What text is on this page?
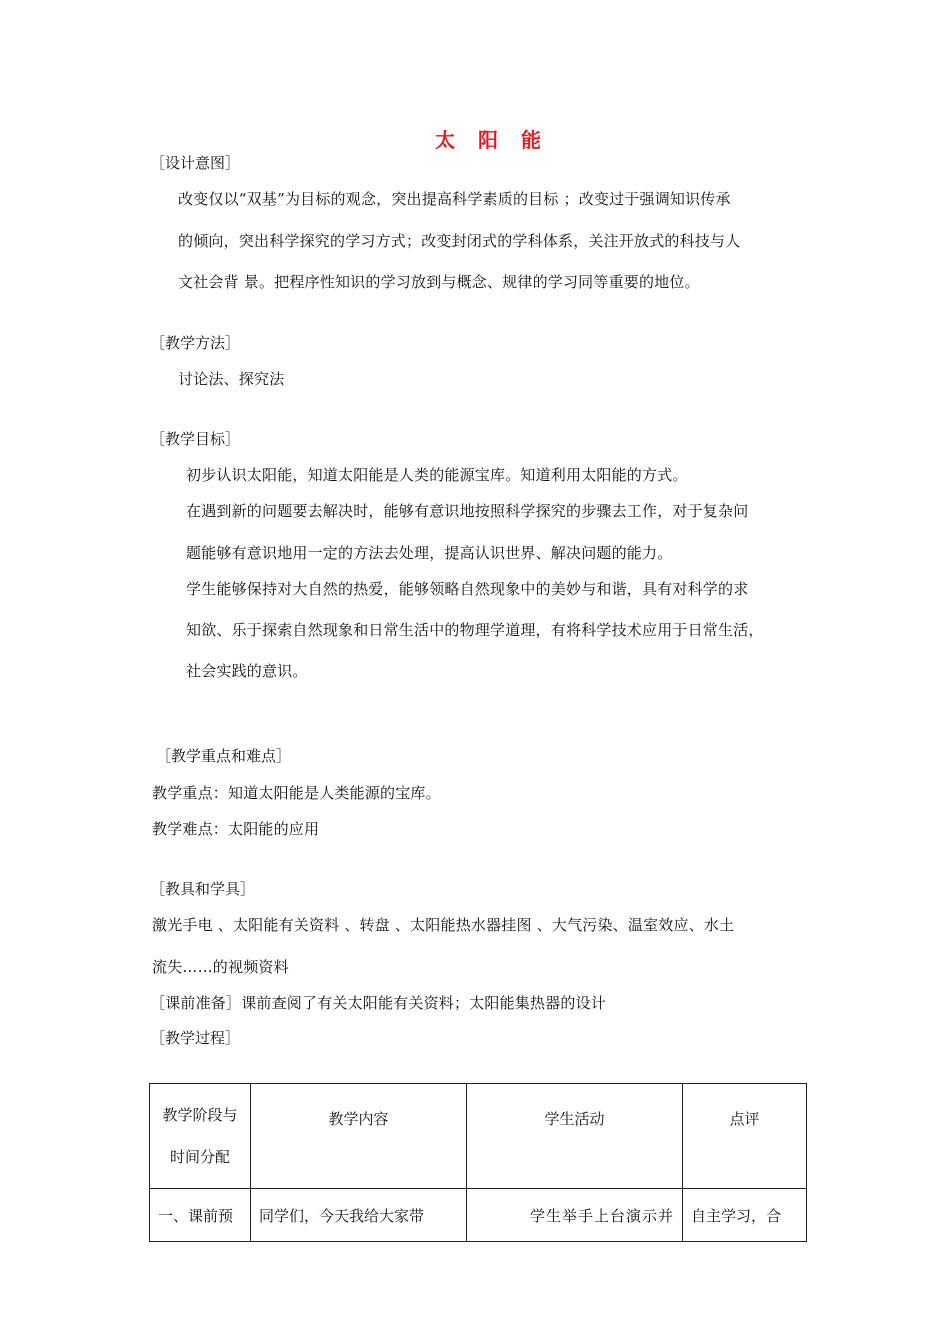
太 阳 能
［设计意图］
改变仅以“双基”为目标的观念，突出提高科学素质的目标 ；改变过于强调知识传承
的倾向，突出科学探究的学习方式；改变封闭式的学科体系，关注开放式的科技与人
文社会背 景。把程序性知识的学习放到与概念、规律的学习同等重要的地位。
［教学方法］
讨论法、探究法
［教学目标］
初步认识太阳能，知道太阳能是人类的能源宝库。知道利用太阳能的方式。
在遇到新的问题要去解决时，能够有意识地按照科学探究的步骤去工作，对于复杂问
题能够有意识地用一定的方法去处理，提高认识世界、解决问题的能力。
学生能够保持对大自然的热爱，能够领略自然现象中的美妙与和谐，具有对科学的求
知欲、乐于探索自然现象和日常生活中的物理学道理，有将科学技术应用于日常生活，
社会实践的意识。
［教学重点和难点］
教学重点：知道太阳能是人类能源的宝库。
教学难点：太阳能的应用
［教具和学具］
激光手电 、太阳能有关资料 、转盘 、太阳能热水器挂图 、大气污染、温室效应、水土
流失……的视频资料
［课前准备］课前查阅了有关太阳能有关资料；太阳能集热器的设计
［教学过程］
教学阶段与
时间分配	教学内容	学生活动	点评
一、课前预	同学们，今天我给大家带	学生举手上台演示并	自主学习，合
